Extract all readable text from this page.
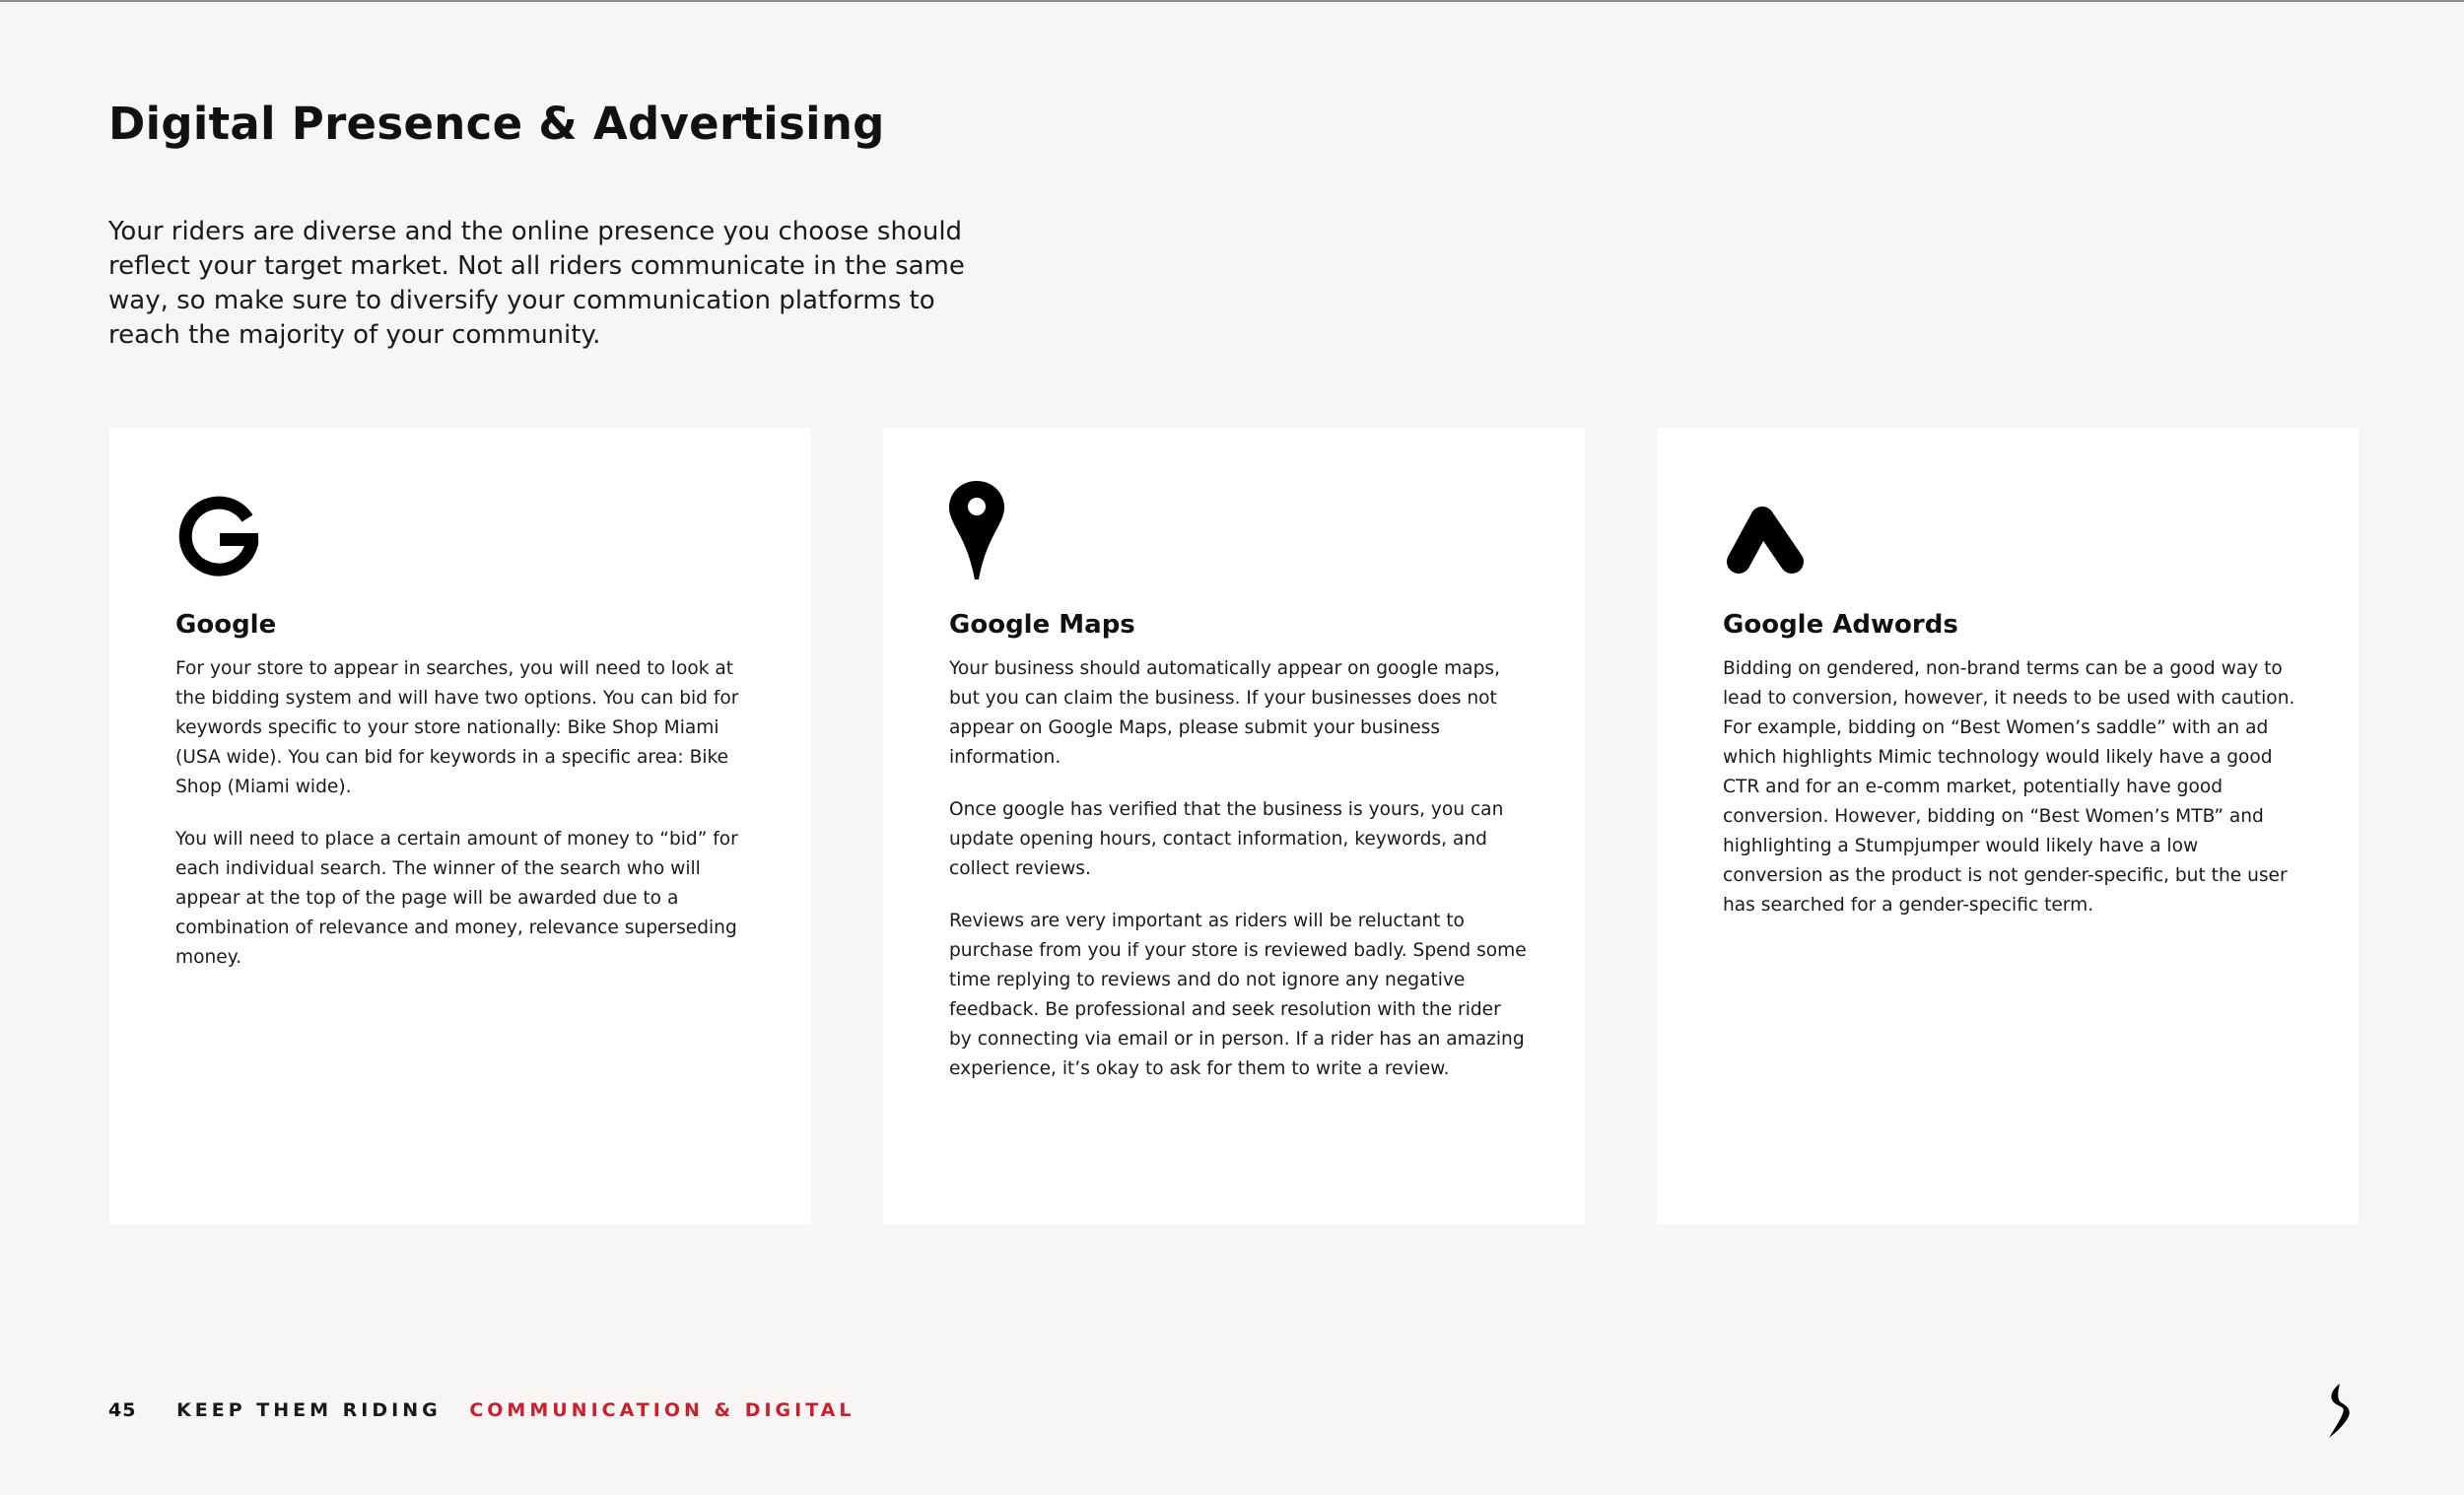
Digital Presence & Advertising

Your riders are diverse and the online presence you choose should reflect your target market. Not all riders communicate in the same way, so make sure to diversify your communication platforms to reach the majority of your community.

Google

For your store to appear in searches, you will need to look at the bidding system and will have two options. You can bid for keywords specific to your store nationally: Bike Shop Miami (USA wide). You can bid for keywords in a specific area: Bike Shop (Miami wide).

You will need to place a certain amount of money to “bid” for each individual search. The winner of the search who will appear at the top of the page will be awarded due to a combination of relevance and money, relevance superseding money.

Google Maps

Your business should automatically appear on google maps, but you can claim the business. If your businesses does not appear on Google Maps, please submit your business information.

Once google has verified that the business is yours, you can update opening hours, contact information, keywords, and collect reviews.

Reviews are very important as riders will be reluctant to purchase from you if your store is reviewed badly. Spend some time replying to reviews and do not ignore any negative feedback. Be professional and seek resolution with the rider by connecting via email or in person. If a rider has an amazing experience, it’s okay to ask for them to write a review.

Google Adwords

Bidding on gendered, non-brand terms can be a good way to lead to conversion, however, it needs to be used with caution. For example, bidding on “Best Women’s saddle” with an ad which highlights Mimic technology would likely have a good CTR and for an e-comm market, potentially have good conversion. However, bidding on “Best Women’s MTB” and highlighting a Stumpjumper would likely have a low conversion as the product is not gender-specific, but the user has searched for a gender-specific term.

45 KEEP THEM RIDING COMMUNICATION & DIGITAL
